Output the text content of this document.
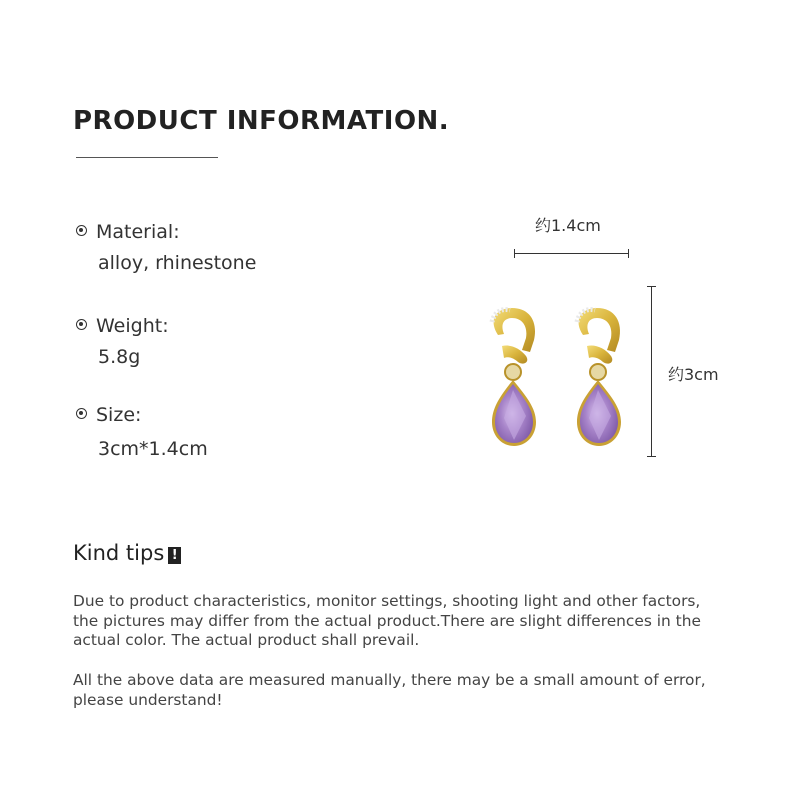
PRODUCT INFORMATION.
Material:
alloy, rhinestone
Weight:
5.8g
Size:
3cm*1.4cm
约1.4cm
约3cm
Kind tips !
Due to product characteristics, monitor settings, shooting light and other factors, the pictures may differ from the actual product.There are slight differences in the actual color. The actual product shall prevail.
All the above data are measured manually, there may be a small amount of error, please understand!
